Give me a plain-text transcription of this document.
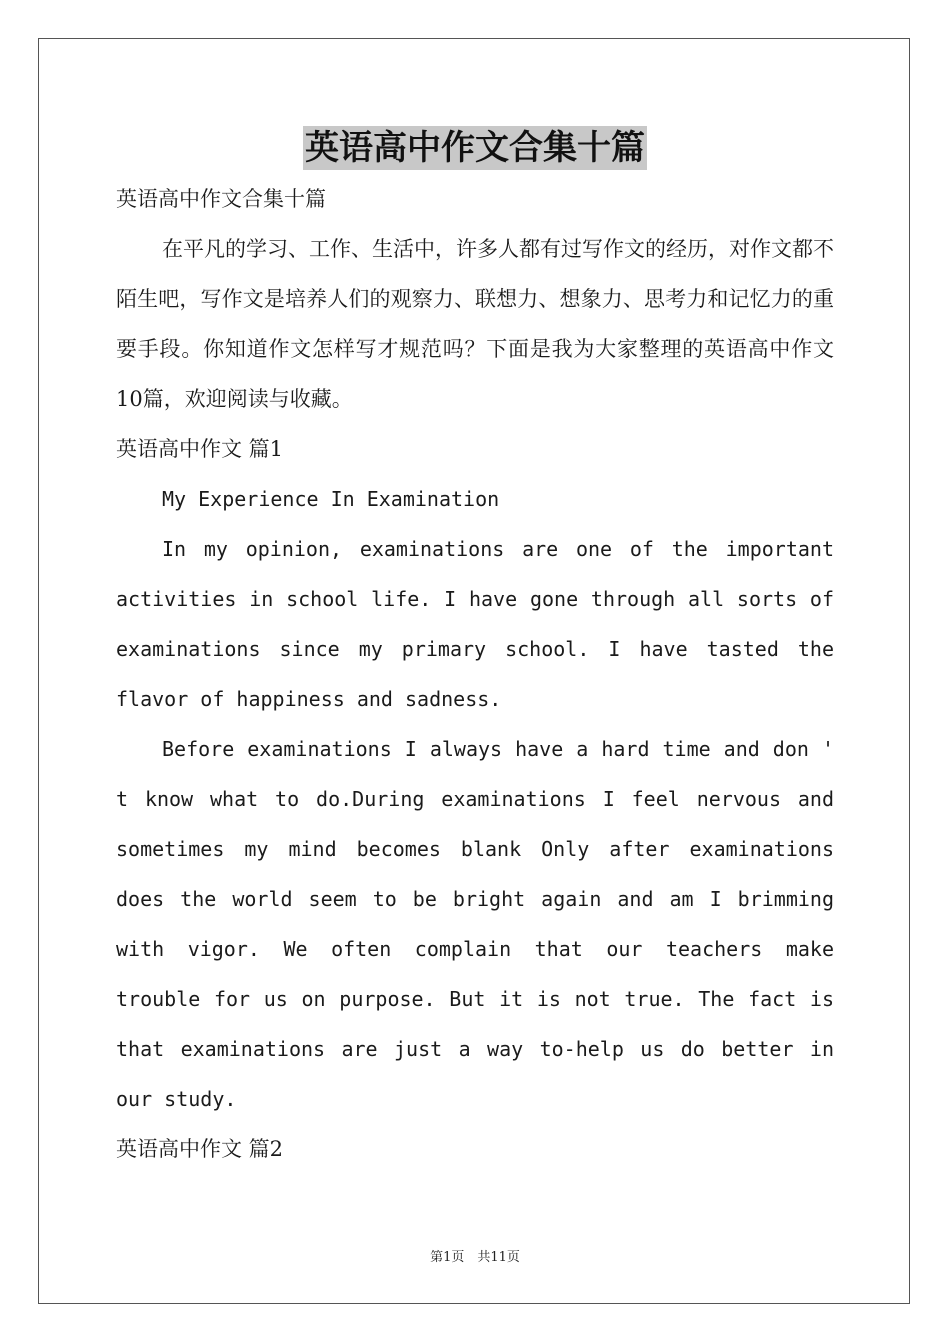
英语高中作文合集十篇

英语高中作文合集十篇

在平凡的学习、工作、生活中，许多人都有过写作文的经历，对作文都不陌生吧，写作文是培养人们的观察力、联想力、想象力、思考力和记忆力的重要手段。你知道作文怎样写才规范吗？下面是我为大家整理的英语高中作文10篇，欢迎阅读与收藏。

英语高中作文 篇1

My Experience In Examination

In my opinion, examinations are one of the important activities in school life. I have gone through all sorts of examinations since my primary school. I have tasted the flavor of happiness and sadness.

Before examinations I always have a hard time and don ' t know what to do.During examinations I feel nervous and sometimes my mind becomes blank Only after examinations does the world seem to be bright again and am I brimming with vigor. We often complain that our teachers make trouble for us on purpose. But it is not true. The fact is that examinations are just a way to-help us do better in our study.

英语高中作文 篇2

第1页　共11页
